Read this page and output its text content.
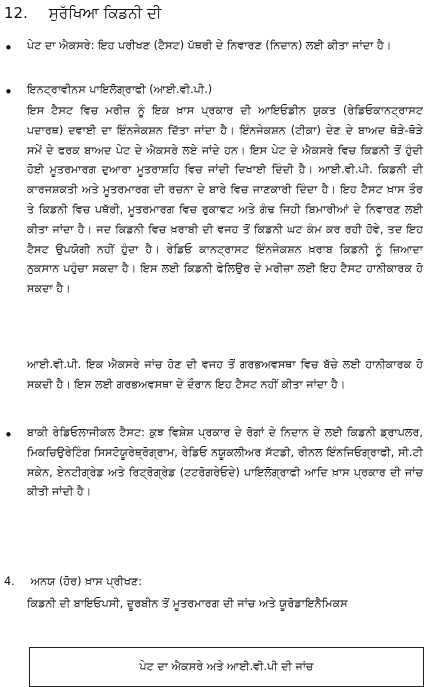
12. ਸੁਰੱਖਿਆ ਕਿਡਨੀ ਦੀ
• ਪੇਟ ਦਾ ਐਕਸਰੇ: ਇਹ ਪਰੀਖਣ (ਟੈਸਟ) ਪੱਥਰੀ ਦੇ ਨਿਵਾਰਣ (ਨਿਦਾਨ) ਲਈ ਕੀਤਾ ਜਾਂਦਾ ਹੈ।

• ਇਨਟ੍ਰਾਵੀਨਸ ਪਾਇਲੋਗ੍ਰਾਫੀ (ਆਈ.ਵੀ.ਪੀ.)

ਇਸ ਟੈਸਟ ਵਿਚ ਮਰੀਜ਼ ਨੂੰ ਇਕ ਖ਼ਾਸ ਪ੍ਰਕਾਰ ਦੀ ਆਇਓਡੀਨ ਯੁਕਤ (ਰੇਡਿਓਕਾਨਟ੍ਰਾਸਟ ਪਦਾਰਥ) ਦਵਾਈ ਦਾ ਇੰਨਜੇਕਸ਼ਨ ਦਿੱਤਾ ਜਾਂਦਾ ਹੈ। ਇੰਨਜੇਕਸ਼ਨ (ਟੀਕਾ) ਦੇਣ ਦੇ ਬਾਅਦ ਥੋੜੇ-ਥੋੜੇ ਸਮੇਂ ਦੇ ਫਰਕ ਬਾਅਦ ਪੇਟ ਦੇ ਐਕਸਰੇ ਲਏ ਜਾਂਦੇ ਹਨ। ਇਸ ਪੇਟ ਦੇ ਐਕਸਰੇ ਵਿਚ ਕਿਡਨੀ ਤੋਂ ਹੁੰਦੀ ਹੋਈ ਮੂਤਰਮਾਰਗ ਦੁਆਰਾ ਮੂਤਰਾਸ਼ਹਿ ਵਿਚ ਜਾਂਦੀ ਦਿਖਾਈ ਦਿੰਦੀ ਹੈ। ਆਈ.ਵੀ.ਪੀ. ਕਿਡਨੀ ਦੀ ਕਾਰਜਸ਼ਕਤੀ ਅਤੇ ਮੂਤਰਮਾਰਗ ਦੀ ਰਚਨਾ ਦੇ ਬਾਰੇ ਵਿਚ ਜਾਣਕਾਰੀ ਦਿੰਦਾ ਹੈ। ਇਹ ਟੈਸਟ ਖ਼ਾਸ ਤੌਰ ਤੇ ਕਿਡਨੀ ਵਿਚ ਪਥੱਰੀ, ਮੂਤਰਮਾਰਗ ਵਿਚ ਰੁਕਾਵਟ ਅਤੇ ਗੰਢ ਜਿਹੀ ਬਿਮਾਰੀਆਂ ਦੇ ਨਿਵਾਰਣ ਲਈ ਕੀਤਾ ਜਾਂਦਾ ਹੈ। ਜਦ ਕਿਡਨੀ ਵਿਚ ਖ਼ਰਾਬੀ ਦੀ ਵਜਹ ਤੋਂ ਕਿਡਨੀ ਘਟ ਕੰਮ ਕਰ ਰਹੀ ਹੋਵੇ, ਤਦ ਇਹ ਟੈਸਟ ਉਪਯੋਗੀ ਨਹੀਂ ਹੁੰਦਾ ਹੈ। ਰੇਡਿਓ ਕਾਨਟ੍ਰਾਸਟ ਇੰਨਜੇਕਸ਼ਨ ਖ਼ਰਾਬ ਕਿਡਨੀ ਨੂੰ ਜ਼ਿਆਦਾ ਨੁਕਸਾਨ ਪਹੁੰਚਾ ਸਕਦਾ ਹੈ। ਇਸ ਲਈ ਕਿਡਨੀ ਫੇਲਿਉਰ ਦੇ ਮਰੀਜ਼ਾ ਲਈ ਇਹ ਟੈਸਟ ਹਾਨੀਕਾਰਕ ਹੋ ਸਕਦਾ ਹੈ।

ਆਈ.ਵੀ.ਪੀ. ਇਕ ਐਕਸਰੇ ਜਾਂਚ ਹੋਣ ਦੀ ਵਜਹ ਤੋਂ ਗਰਭਅਵਸਥਾ ਵਿਚ ਬੱਚੇ ਲਈ ਹਾਨੀਕਾਰਕ ਹੋ ਸਕਦੀ ਹੈ। ਇਸ ਲਈ ਗਰਭਅਵਸਥਾ ਦੇ ਦੌਰਾਨ ਇਹ ਟੈਸਟ ਨਹੀਂ ਕੀਤਾ ਜਾਂਦਾ ਹੈ।

• ਬਾਕੀ ਰੇਡਿਓਲਾਜੀਕਲ ਟੈਸਟ: ਕੁਝ ਵਿਸ਼ੇਸ਼ ਪ੍ਰਕਾਰ ਦੇ ਰੋਗਾਂ ਦੇ ਨਿਦਾਨ ਦੇ ਲਈ ਕਿਡਨੀ ਡ੍ਰਾਪਲਰ, ਮਿਕਚਿਉਰੇਟਿੰਗ ਸਿਸਟੋਯੂਰੇਥ੍ਰੋਗ੍ਰਾਮ, ਰੇਡਿਓ ਨਯੂਕਲੀਅਰ ਸੱਟਡੀ, ਰੀਨਲ ਇੰਨਜਿਓਗ੍ਰਾਫੀ, ਸੀ.ਟੀ ਸਕੇਨ, ਏਨਟੀਗ੍ਰੇਡ ਅਤੇ ਰਿਟ੍ਰੋਗ੍ਰੇਡ (ਟਟਰੋਗਰੇਓਦੇ) ਪਾਇਲੋਗ੍ਰਾਫੀ ਆਦਿ ਖ਼ਾਸ ਪ੍ਰਕਾਰ ਦੀ ਜਾਂਚ ਕੀਤੀ ਜਾਂਦੀ ਹੈ।

4. ਅਨਯ (ਹੋਰ) ਖ਼ਾਸ ਪ੍ਰੀਖਣ:

ਕਿਡਨੀ ਦੀ ਬਾਇਓਪਸੀ, ਦੂਰਬੀਨ ਤੋਂ ਮੂਤਰਮਾਰਗ ਦੀ ਜਾਂਚ ਅਤੇ ਯੂਰੋਡਾਇਨੈਮਿਕਸ

ਪੇਟ ਦਾ ਐਕਸਰੇ ਅਤੇ ਆਈ.ਵੀ.ਪੀ ਦੀ ਜਾਂਚ
